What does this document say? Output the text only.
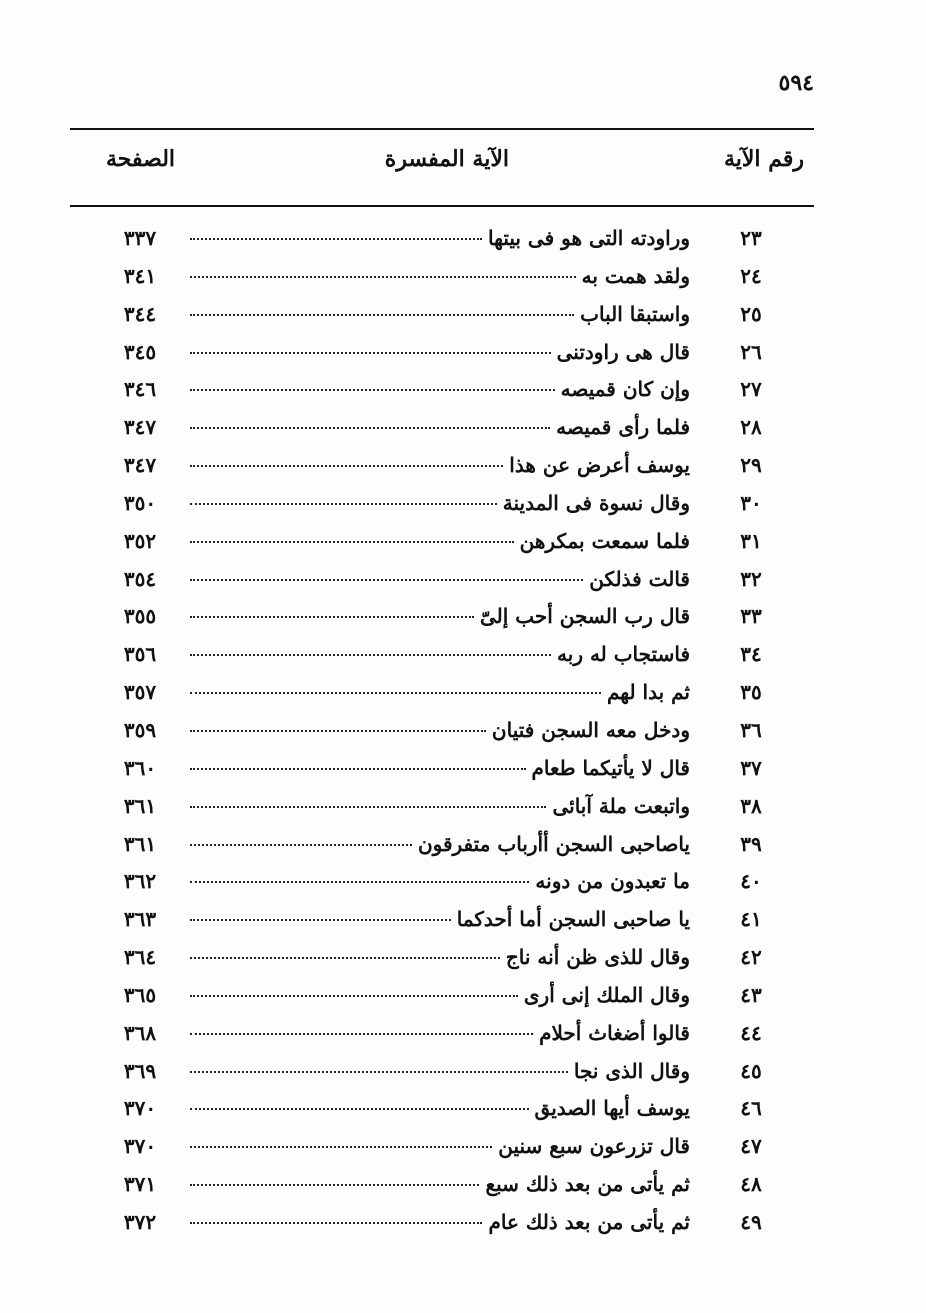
٥٩٤
رقم الآية
الآية المفسرة
الصفحة
٢٣
وراودته التى هو فى بيتها
٣٣٧
٢٤
ولقد همت به
٣٤١
٢٥
واستبقا الباب
٣٤٤
٢٦
قال هى راودتنى
٣٤٥
٢٧
وإن كان قميصه
٣٤٦
٢٨
فلما رأى قميصه
٣٤٧
٢٩
يوسف أعرض عن هذا
٣٤٧
٣٠
وقال نسوة فى المدينة
٣٥٠
٣١
فلما سمعت بمكرهن
٣٥٢
٣٢
قالت فذلكن
٣٥٤
٣٣
قال رب السجن أحب إلىّ
٣٥٥
٣٤
فاستجاب له ربه
٣٥٦
٣٥
ثم بدا لهم
٣٥٧
٣٦
ودخل معه السجن فتيان
٣٥٩
٣٧
قال لا يأتيكما طعام
٣٦٠
٣٨
واتبعت ملة آبائى
٣٦١
٣٩
ياصاحبى السجن أأرباب متفرقون
٣٦١
٤٠
ما تعبدون من دونه
٣٦٢
٤١
يا صاحبى السجن أما أحدكما
٣٦٣
٤٢
وقال للذى ظن أنه ناج
٣٦٤
٤٣
وقال الملك إنى أرى
٣٦٥
٤٤
قالوا أضغاث أحلام
٣٦٨
٤٥
وقال الذى نجا
٣٦٩
٤٦
يوسف أيها الصديق
٣٧٠
٤٧
قال تزرعون سبع سنين
٣٧٠
٤٨
ثم يأتى من بعد ذلك سبع
٣٧١
٤٩
ثم يأتى من بعد ذلك عام
٣٧٢
